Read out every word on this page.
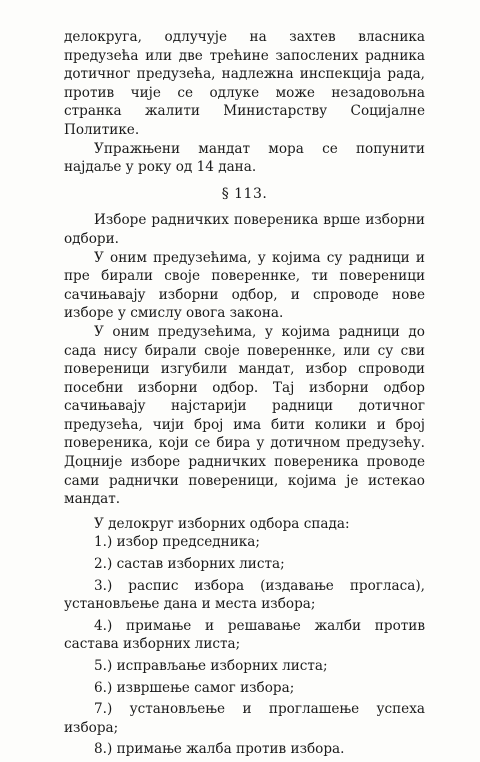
делокруга, одлучује на захтев власника предузећа или две трећине запослених радника дотичног предузећа, надлежна инспекција рада, против чије се одлуке може незадовољна странка жалити Министарству Социјалне Политике.

Упражњени мандат мора се попунити најдаље у року од 14 дана.

§ 113.

Изборе радничких повереника врше изборни одбори.

У оним предузећима, у којима су радници и пре бирали своје повереннке, ти повереници сачињавају изборни одбор, и спроводе нове изборе у смислу овога закона.

У оним предузећима, у којима радници до сада нису бирали своје повереннке, или су сви повереници изгубили мандат, избор спроводи посебни изборни одбор. Тај изборни одбор сачињавају најстарији радници дотичног предузећа, чији број има бити колики и број повереника, који се бира у дотичном предузећу. Доцније изборе радничких повереника проводе сами раднички повереници, којима је истекао мандат.

У делокруг изборних одбора спада:

1.) избор председника;
2.) састав изборних листа;
3.) распис избора (издавање прогласа), установљење дана и места избора;
4.) примање и решавање жалби против састава изборних листа;
5.) исправљање изборних листа;
6.) извршење самог избора;
7.) установљење и проглашење успеха избора;
8.) примање жалба против избора.
